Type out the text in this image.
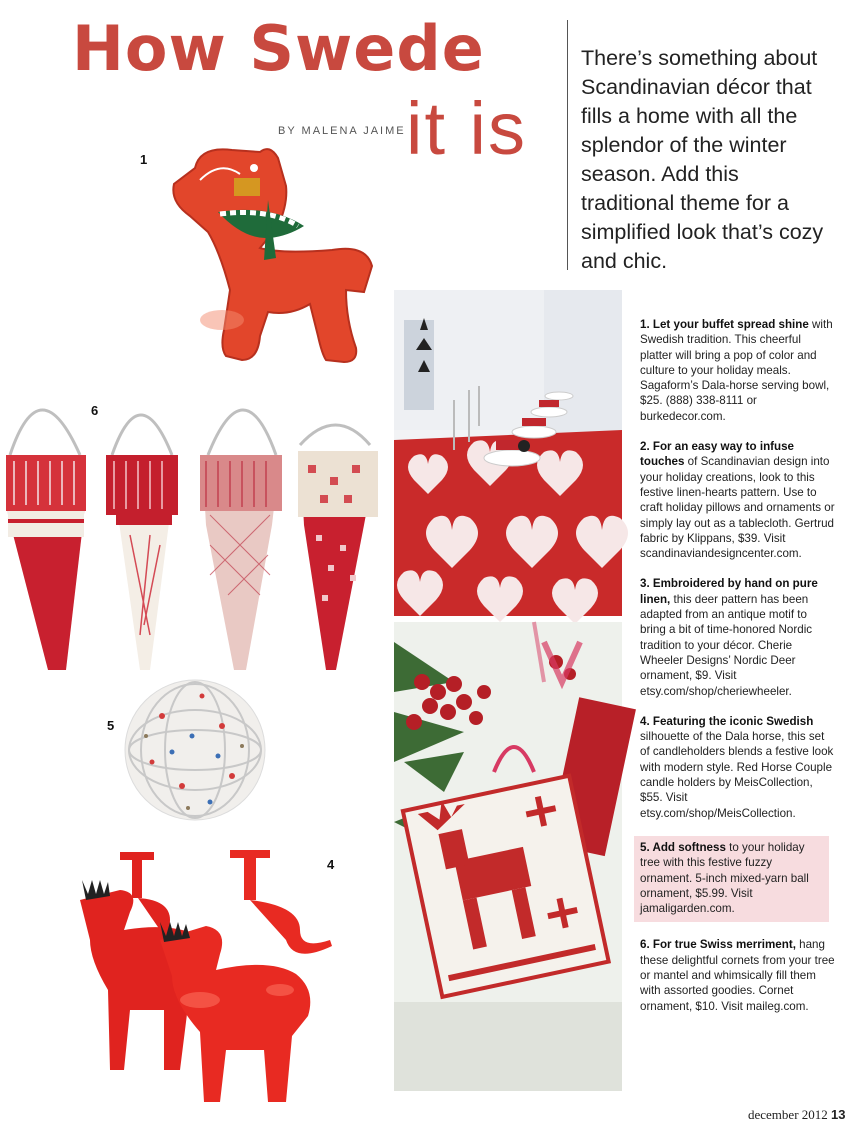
How Swede
it is
BY MALENA JAIME
There’s something about Scandinavian décor that fills a home with all the splendor of the winter season. Add this traditional theme for a simplified look that’s cozy and chic.
1
6
5
4

1. Let your buffet spread shine with Swedish tradition. This cheerful platter will bring a pop of color and culture to your holiday meals. Sagaform’s Dala-horse serving bowl, $25. (888) 338-8111 or burkedecor.com.

2. For an easy way to infuse touches of Scandinavian design into your holiday creations, look to this festive linen-hearts pattern. Use to craft holiday pillows and ornaments or simply lay out as a tablecloth. Gertrud fabric by Klippans, $39. Visit scandinaviandesigncenter.com.

3. Embroidered by hand on pure linen, this deer pattern has been adapted from an antique motif to bring a bit of time-honored Nordic tradition to your décor. Cherie Wheeler Designs’ Nordic Deer ornament, $9. Visit etsy.com/shop/cheriewheeler.

4. Featuring the iconic Swedish silhouette of the Dala horse, this set of candleholders blends a festive look with modern style. Red Horse Couple candle holders by MeisCollection, $55. Visit etsy.com/shop/MeisCollection.

5. Add softness to your holiday tree with this festive fuzzy ornament. 5-inch mixed-yarn ball ornament, $5.99. Visit jamaligarden.com.

6. For true Swiss merriment, hang these delightful cornets from your tree or mantel and whimsically fill them with assorted goodies. Cornet ornament, $10. Visit maileg.com.

december 2012 13
